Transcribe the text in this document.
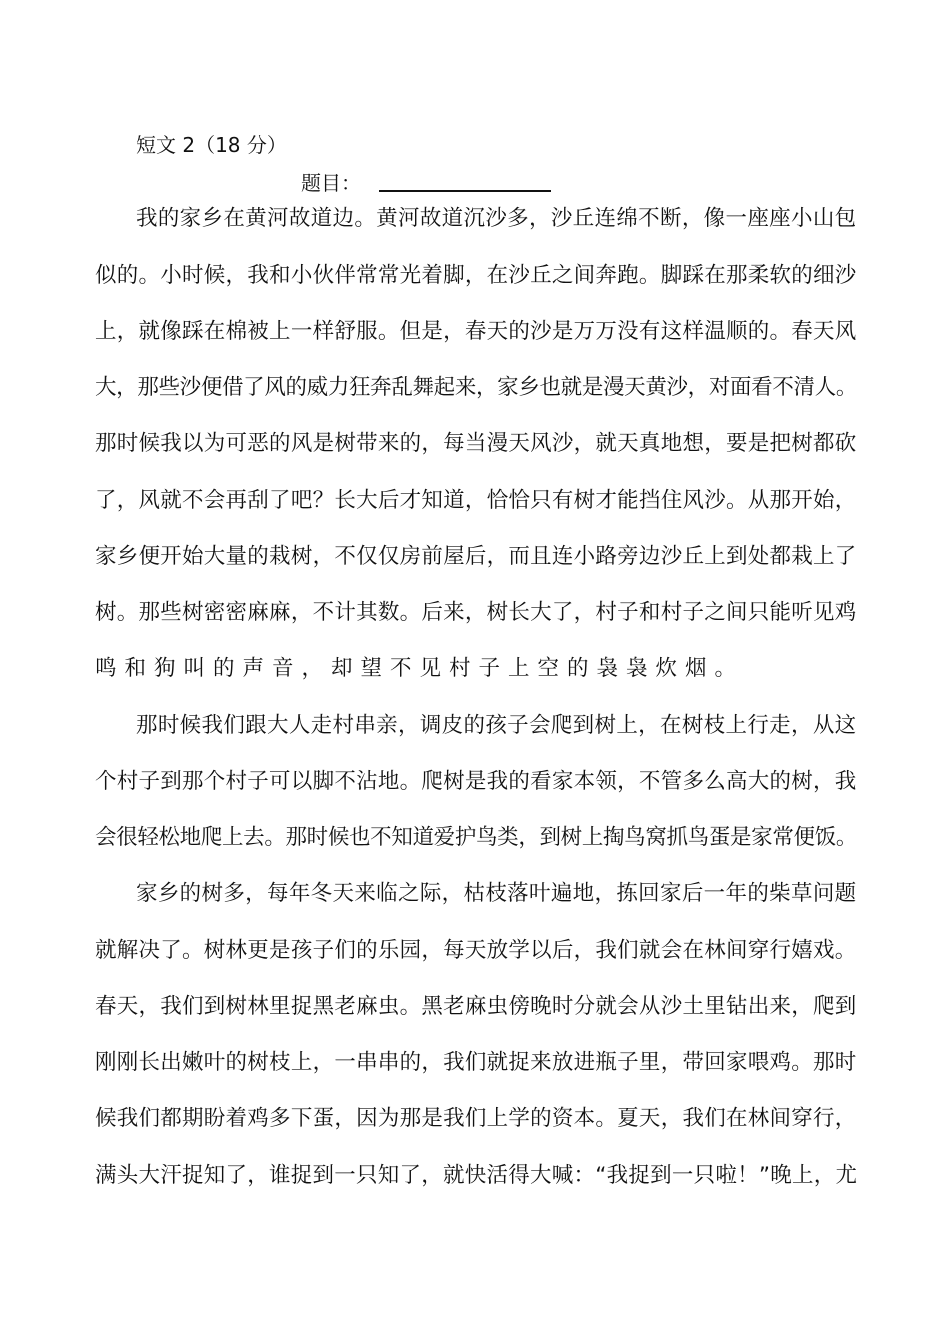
短文 2（18 分）
题目：
我的家乡在黄河故道边。黄河故道沉沙多，沙丘连绵不断，像一座座小山包
似的。小时候，我和小伙伴常常光着脚，在沙丘之间奔跑。脚踩在那柔软的细沙
上，就像踩在棉被上一样舒服。但是，春天的沙是万万没有这样温顺的。春天风
大，那些沙便借了风的威力狂奔乱舞起来，家乡也就是漫天黄沙，对面看不清人。
那时候我以为可恶的风是树带来的，每当漫天风沙，就天真地想，要是把树都砍
了，风就不会再刮了吧？长大后才知道，恰恰只有树才能挡住风沙。从那开始，
家乡便开始大量的栽树，不仅仅房前屋后，而且连小路旁边沙丘上到处都栽上了
树。那些树密密麻麻，不计其数。后来，树长大了，村子和村子之间只能听见鸡
鸣和狗叫的声音，却望不见村子上空的袅袅炊烟。
那时候我们跟大人走村串亲，调皮的孩子会爬到树上，在树枝上行走，从这
个村子到那个村子可以脚不沾地。爬树是我的看家本领，不管多么高大的树，我
会很轻松地爬上去。那时候也不知道爱护鸟类，到树上掏鸟窝抓鸟蛋是家常便饭。
家乡的树多，每年冬天来临之际，枯枝落叶遍地，拣回家后一年的柴草问题
就解决了。树林更是孩子们的乐园，每天放学以后，我们就会在林间穿行嬉戏。
春天，我们到树林里捉黑老麻虫。黑老麻虫傍晚时分就会从沙土里钻出来，爬到
刚刚长出嫩叶的树枝上，一串串的，我们就捉来放进瓶子里，带回家喂鸡。那时
候我们都期盼着鸡多下蛋，因为那是我们上学的资本。夏天，我们在林间穿行，
满头大汗捉知了，谁捉到一只知了，就快活得大喊：“我捉到一只啦！”晚上，尤
